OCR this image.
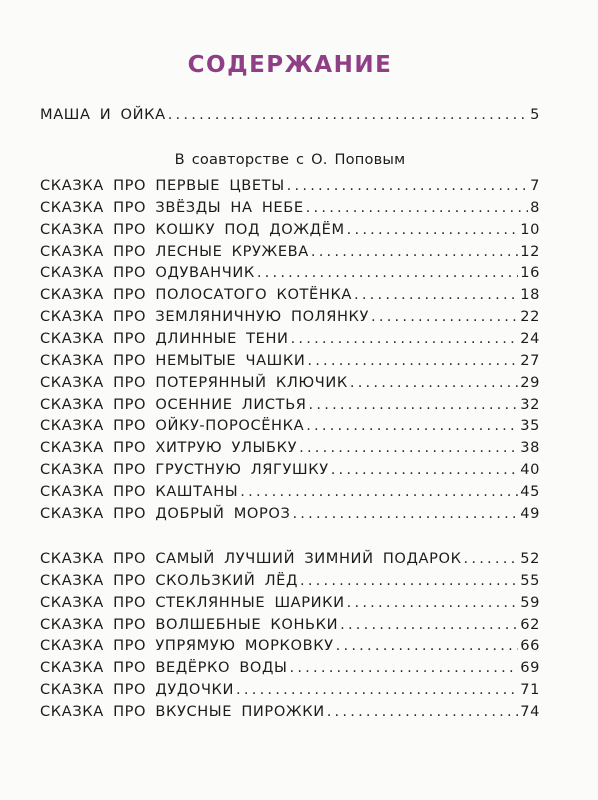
СОДЕРЖАНИЕ
МАША И ОЙКА .....	5
В соавторстве с О. Поповым
СКАЗКА ПРО ПЕРВЫЕ ЦВЕТЫ .....	7
СКАЗКА ПРО ЗВЁЗДЫ НА НЕБЕ .....	8
СКАЗКА ПРО КОШКУ ПОД ДОЖДЁМ .....	10
СКАЗКА ПРО ЛЕСНЫЕ КРУЖЕВА .....	12
СКАЗКА ПРО ОДУВАНЧИК .....	16
СКАЗКА ПРО ПОЛОСАТОГО КОТЁНКА .....	18
СКАЗКА ПРО ЗЕМЛЯНИЧНУЮ ПОЛЯНКУ .....	22
СКАЗКА ПРО ДЛИННЫЕ ТЕНИ .....	24
СКАЗКА ПРО НЕМЫТЫЕ ЧАШКИ .....	27
СКАЗКА ПРО ПОТЕРЯННЫЙ КЛЮЧИК .....	29
СКАЗКА ПРО ОСЕННИЕ ЛИСТЬЯ .....	32
СКАЗКА ПРО ОЙКУ-ПОРОСЁНКА .....	35
СКАЗКА ПРО ХИТРУЮ УЛЫБКУ .....	38
СКАЗКА ПРО ГРУСТНУЮ ЛЯГУШКУ .....	40
СКАЗКА ПРО КАШТАНЫ .....	45
СКАЗКА ПРО ДОБРЫЙ МОРОЗ .....	49
СКАЗКА ПРО САМЫЙ ЛУЧШИЙ ЗИМНИЙ ПОДАРОК .....	52
СКАЗКА ПРО СКОЛЬЗКИЙ ЛЁД .....	55
СКАЗКА ПРО СТЕКЛЯННЫЕ ШАРИКИ .....	59
СКАЗКА ПРО ВОЛШЕБНЫЕ КОНЬКИ .....	62
СКАЗКА ПРО УПРЯМУЮ МОРКОВКУ .....	66
СКАЗКА ПРО ВЕДЁРКО ВОДЫ .....	69
СКАЗКА ПРО ДУДОЧКИ .....	71
СКАЗКА ПРО ВКУСНЫЕ ПИРОЖКИ .....	74
